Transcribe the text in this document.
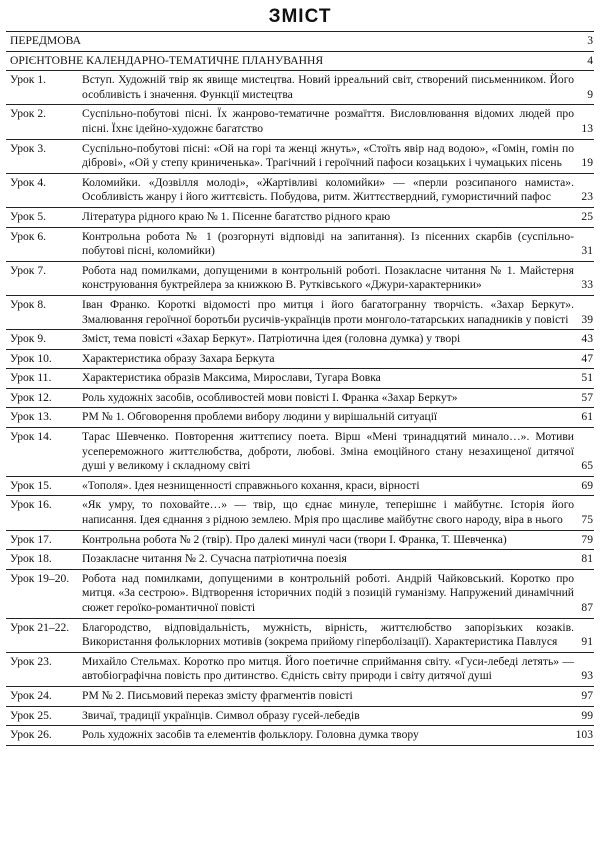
ЗМІСТ
ПЕРЕДМОВА	3
ОРІЄНТОВНЕ КАЛЕНДАРНО-ТЕМАТИЧНЕ ПЛАНУВАННЯ	4
Урок 1.	Вступ. Художній твір як явище мистецтва. Новий ірреальний світ, створений письменником. Його особливість і значення. Функції мистецтва	9
Урок 2.	Суспільно-побутові пісні. Їх жанрово-тематичне розмаїття. Висловлювання відомих людей про пісні. Їхнє ідейно-художнє багатство	13
Урок 3.	Суспільно-побутові пісні: «Ой на горі та женці жнуть», «Стоїть явір над водою», «Гомін, гомін по діброві», «Ой у степу криниченька». Трагічний і героїчний пафоси козацьких і чумацьких пісень	19
Урок 4.	Коломийки. «Дозвілля молоді», «Жартівливі коломийки» — «перли розсипаного намиста». Особливість жанру і його життєвість. Побудова, ритм. Життєствердний, гумористичний пафос	23
Урок 5.	Література рідного краю № 1. Пісенне багатство рідного краю	25
Урок 6.	Контрольна робота № 1 (розгорнуті відповіді на запитання). Із пісенних скарбів (суспільно-побутові пісні, коломийки)	31
Урок 7.	Робота над помилками, допущеними в контрольній роботі. Позакласне читання № 1. Майстерня конструювання буктрейлера за книжкою В. Рутківського «Джури-характерники»	33
Урок 8.	Іван Франко. Короткі відомості про митця і його багатогранну творчість. «Захар Беркут». Змалювання героїчної боротьби русичів-українців проти монголо-татарських нападників у повісті	39
Урок 9.	Зміст, тема повісті «Захар Беркут». Патріотична ідея (головна думка) у творі	43
Урок 10.	Характеристика образу Захара Беркута	47
Урок 11.	Характеристика образів Максима, Мирослави, Тугара Вовка	51
Урок 12.	Роль художніх засобів, особливостей мови повісті І. Франка «Захар Беркут»	57
Урок 13.	РМ № 1. Обговорення проблеми вибору людини у вирішальній ситуації	61
Урок 14.	Тарас Шевченко. Повторення життєпису поета. Вірш «Мені тринадцятий минало…». Мотиви усепереможного життєлюбства, доброти, любові. Зміна емоційного стану незахищеної дитячої душі у великому і складному світі	65
Урок 15.	«Тополя». Ідея незнищенності справжнього кохання, краси, вірності	69
Урок 16.	«Як умру, то поховайте…» — твір, що єднає минуле, теперішнє і майбутнє. Історія його написання. Ідея єднання з рідною землею. Мрія про щасливе майбутнє свого народу, віра в нього	75
Урок 17.	Контрольна робота № 2 (твір). Про далекі минулі часи (твори І. Франка, Т. Шевченка)	79
Урок 18.	Позакласне читання № 2. Сучасна патріотична поезія	81
Урок 19–20.	Робота над помилками, допущеними в контрольній роботі. Андрій Чайковський. Коротко про митця. «За сестрою». Відтворення історичних подій з позицій гуманізму. Напружений динамічний сюжет героїко-романтичної повісті	87
Урок 21–22.	Благородство, відповідальність, мужність, вірність, життєлюбство запорізьких козаків. Використання фольклорних мотивів (зокрема прийому гіперболізації). Характеристика Павлуся	91
Урок 23.	Михайло Стельмах. Коротко про митця. Його поетичне сприймання світу. «Гуси-лебеді летять» — автобіографічна повість про дитинство. Єдність світу природи і світу дитячої душі	93
Урок 24.	РМ № 2. Письмовий переказ змісту фрагментів повісті	97
Урок 25.	Звичаї, традиції українців. Символ образу гусей-лебедів	99
Урок 26.	Роль художніх засобів та елементів фольклору. Головна думка твору	103
